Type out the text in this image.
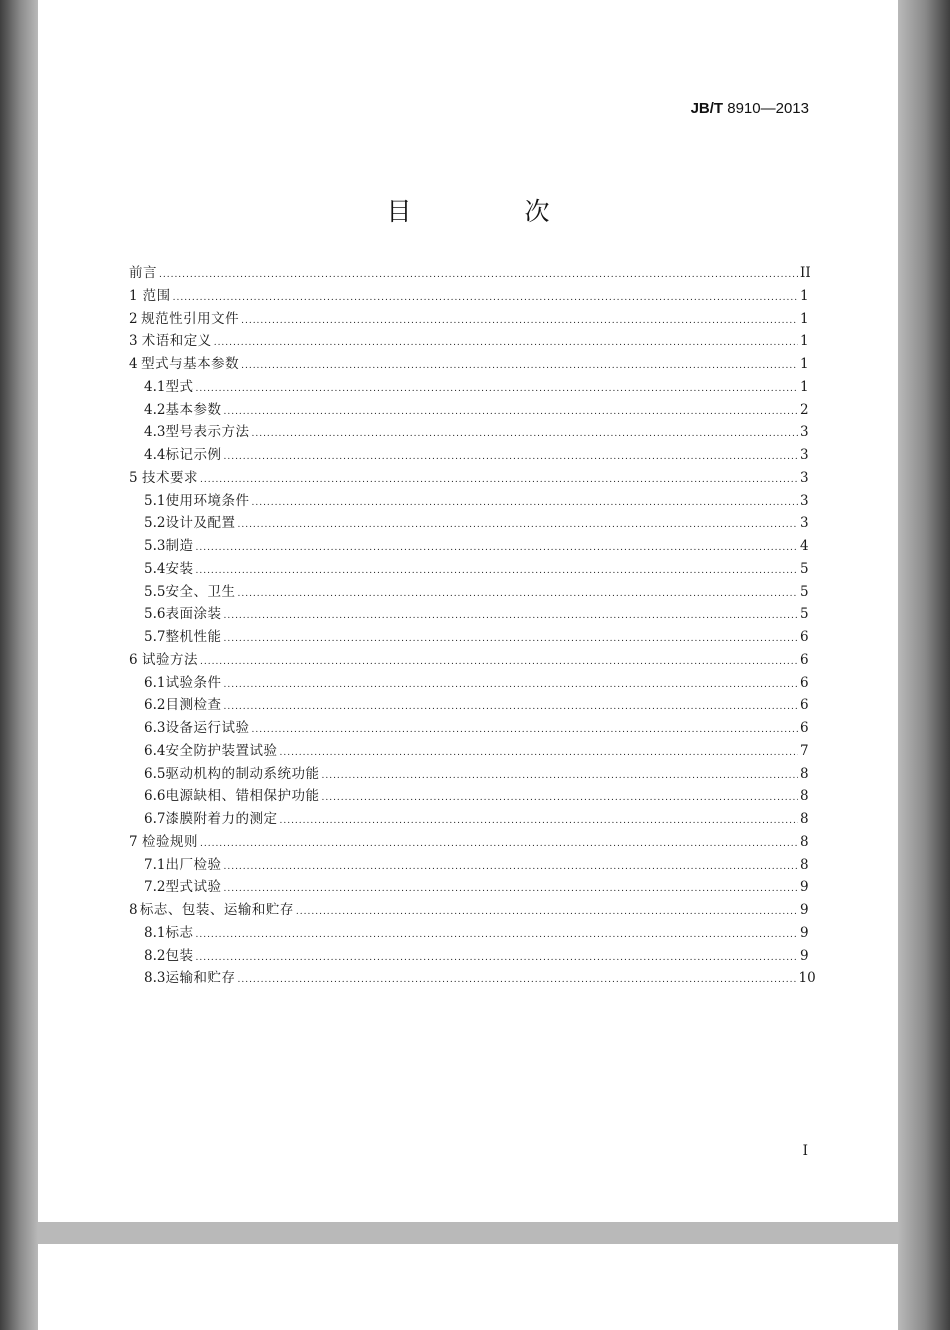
JB/T 8910—2013
目　次
前言 .....	II
1 范围 .....	1
2 规范性引用文件 .....	1
3 术语和定义 .....	1
4 型式与基本参数 .....	1
4.1 型式 .....	1
4.2 基本参数 .....	2
4.3 型号表示方法 .....	3
4.4 标记示例 .....	3
5 技术要求 .....	3
5.1 使用环境条件 .....	3
5.2 设计及配置 .....	3
5.3 制造 .....	4
5.4 安装 .....	5
5.5 安全、卫生 .....	5
5.6 表面涂装 .....	5
5.7 整机性能 .....	6
6 试验方法 .....	6
6.1 试验条件 .....	6
6.2 目测检查 .....	6
6.3 设备运行试验 .....	6
6.4 安全防护装置试验 .....	7
6.5 驱动机构的制动系统功能 .....	8
6.6 电源缺相、错相保护功能 .....	8
6.7 漆膜附着力的测定 .....	8
7 检验规则 .....	8
7.1 出厂检验 .....	8
7.2 型式试验 .....	9
8 标志、包装、运输和贮存 .....	9
8.1 标志 .....	9
8.2 包装 .....	9
8.3 运输和贮存 .....	10
I
